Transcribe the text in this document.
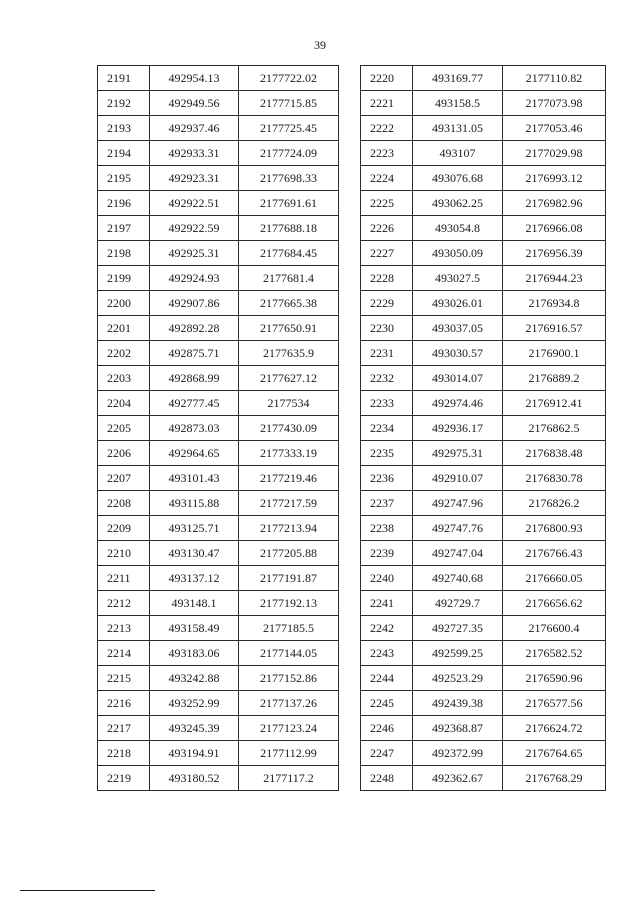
39
2191	492954.13	2177722.02
2192	492949.56	2177715.85
2193	492937.46	2177725.45
2194	492933.31	2177724.09
2195	492923.31	2177698.33
2196	492922.51	2177691.61
2197	492922.59	2177688.18
2198	492925.31	2177684.45
2199	492924.93	2177681.4
2200	492907.86	2177665.38
2201	492892.28	2177650.91
2202	492875.71	2177635.9
2203	492868.99	2177627.12
2204	492777.45	2177534
2205	492873.03	2177430.09
2206	492964.65	2177333.19
2207	493101.43	2177219.46
2208	493115.88	2177217.59
2209	493125.71	2177213.94
2210	493130.47	2177205.88
2211	493137.12	2177191.87
2212	493148.1	2177192.13
2213	493158.49	2177185.5
2214	493183.06	2177144.05
2215	493242.88	2177152.86
2216	493252.99	2177137.26
2217	493245.39	2177123.24
2218	493194.91	2177112.99
2219	493180.52	2177117.2
2220	493169.77	2177110.82
2221	493158.5	2177073.98
2222	493131.05	2177053.46
2223	493107	2177029.98
2224	493076.68	2176993.12
2225	493062.25	2176982.96
2226	493054.8	2176966.08
2227	493050.09	2176956.39
2228	493027.5	2176944.23
2229	493026.01	2176934.8
2230	493037.05	2176916.57
2231	493030.57	2176900.1
2232	493014.07	2176889.2
2233	492974.46	2176912.41
2234	492936.17	2176862.5
2235	492975.31	2176838.48
2236	492910.07	2176830.78
2237	492747.96	2176826.2
2238	492747.76	2176800.93
2239	492747.04	2176766.43
2240	492740.68	2176660.05
2241	492729.7	2176656.62
2242	492727.35	2176600.4
2243	492599.25	2176582.52
2244	492523.29	2176590.96
2245	492439.38	2176577.56
2246	492368.87	2176624.72
2247	492372.99	2176764.65
2248	492362.67	2176768.29
